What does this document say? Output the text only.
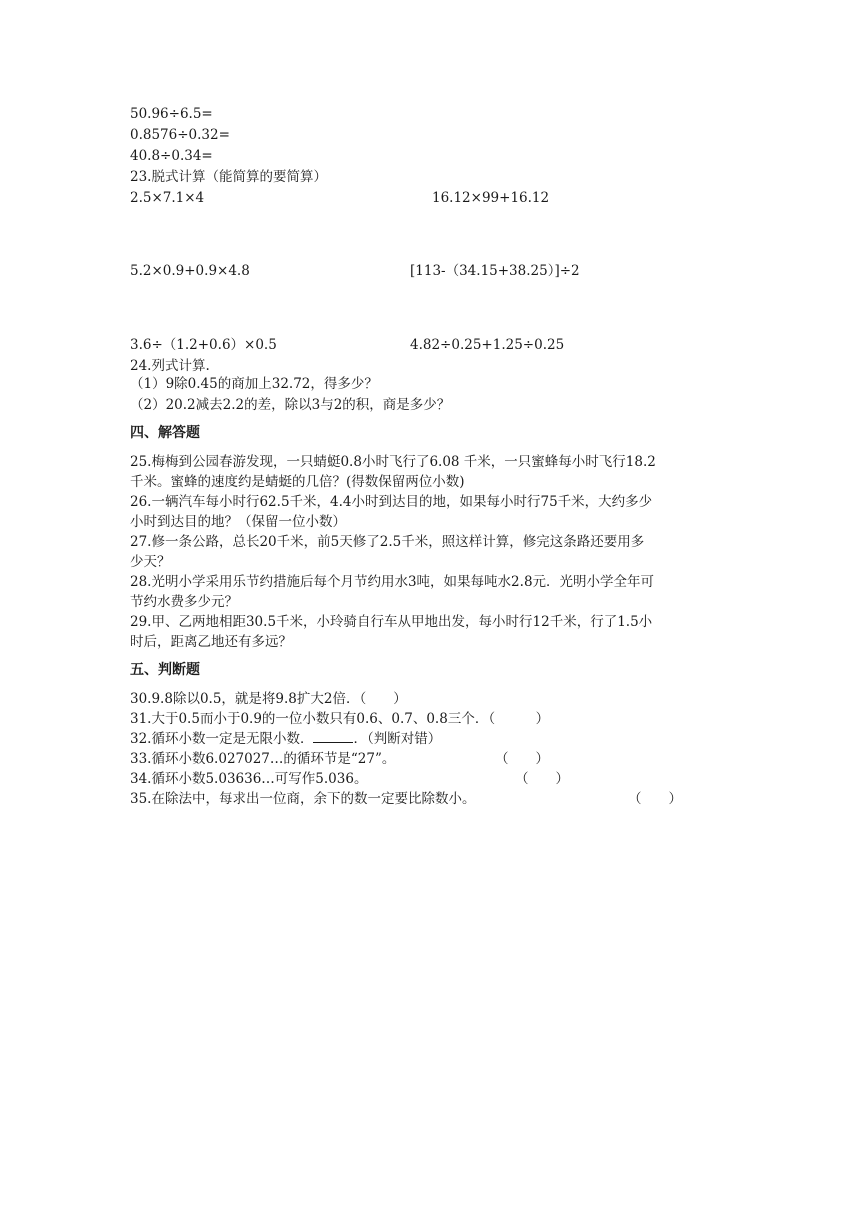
50.96÷6.5=
0.8576÷0.32=
40.8÷0.34=
23.脱式计算（能简算的要简算）
2.5×7.1×4	16.12×99+16.12
5.2×0.9+0.9×4.8	[113-（34.15+38.25）]÷2
3.6÷（1.2+0.6）×0.5	4.82÷0.25+1.25÷0.25
24.列式计算.
（1）9除0.45的商加上32.72，得多少？
（2）20.2减去2.2的差，除以3与2的积，商是多少？
四、解答题
25.梅梅到公园春游发现，一只蜻蜓0.8小时飞行了6.08 千米，一只蜜蜂每小时飞行18.2
千米。蜜蜂的速度约是蜻蜓的几倍？(得数保留两位小数)
26.一辆汽车每小时行62.5千米，4.4小时到达目的地，如果每小时行75千米，大约多少
小时到达目的地？（保留一位小数）
27.修一条公路，总长20千米，前5天修了2.5千米，照这样计算，修完这条路还要用多
少天？
28.光明小学采用乐节约措施后每个月节约用水3吨，如果每吨水2.8元．光明小学全年可
节约水费多少元？
29.甲、乙两地相距30.5千米，小玲骑自行车从甲地出发，每小时行12千米，行了1.5小
时后，距离乙地还有多远？
五、判断题
30.9.8除以0.5，就是将9.8扩大2倍．（　　）
31.大于0.5而小于0.9的一位小数只有0.6、0.7、0.8三个．（　　　）
32.循环小数一定是无限小数．	．（判断对错）
33.循环小数6.027027…的循环节是“27”。	（　　）
34.循环小数5.03636…可写作5.036。	（　　）
35.在除法中，每求出一位商，余下的数一定要比除数小。	（　　）
